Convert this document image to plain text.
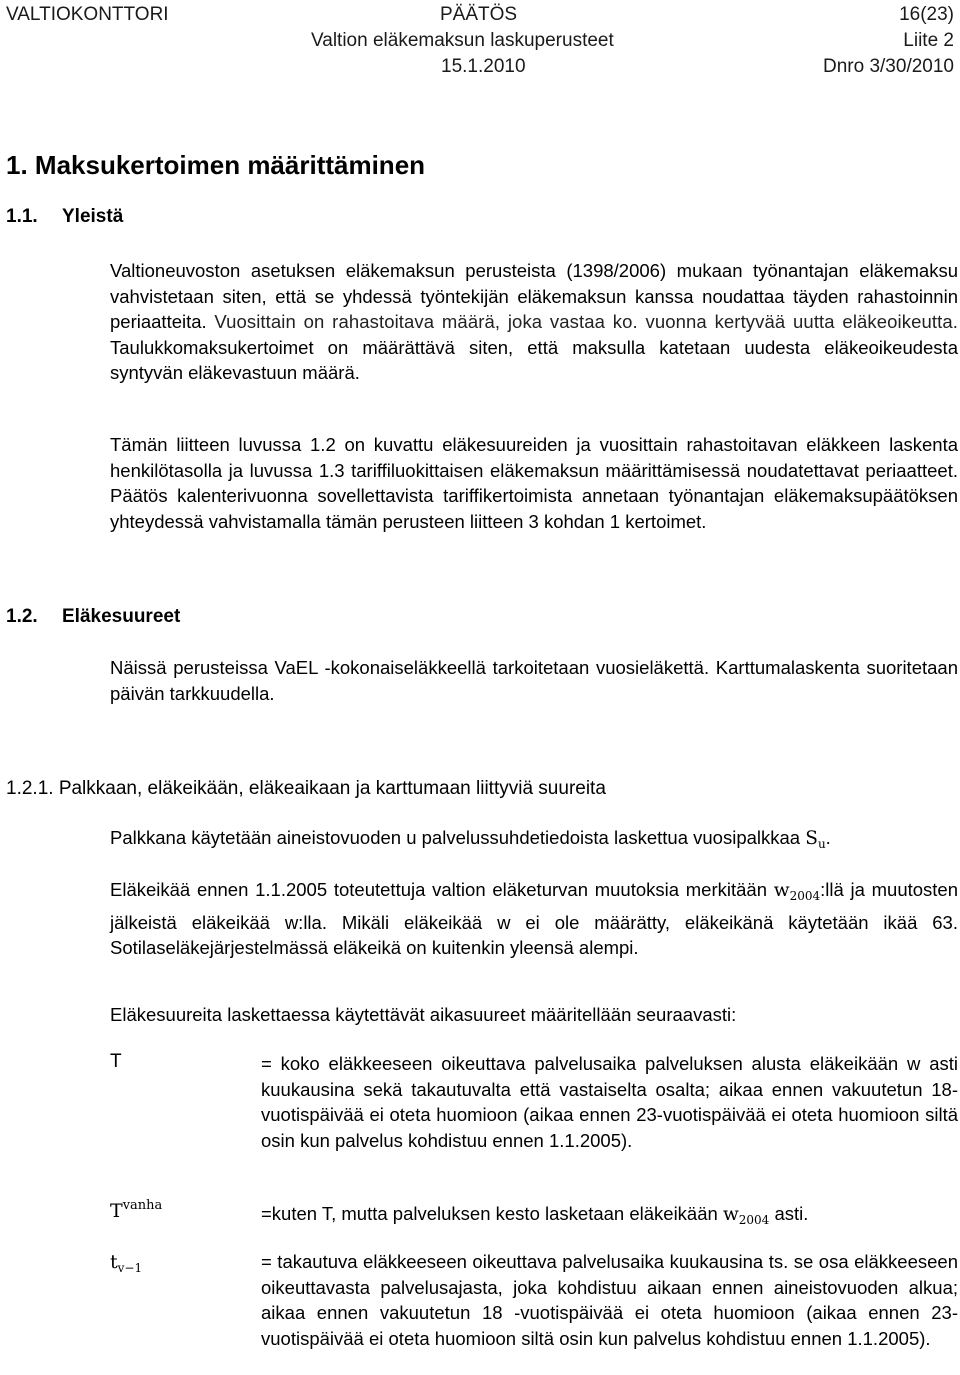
VALTIOKONTTORI	PÄÄTÖS	16(23)
Valtion eläkemaksun laskuperusteet	Liite 2
15.1.2010	Dnro 3/30/2010
1. Maksukertoimen määrittäminen
1.1. Yleistä
Valtioneuvoston asetuksen eläkemaksun perusteista (1398/2006) mukaan työnantajan eläkemaksu vahvistetaan siten, että se yhdessä työntekijän eläkemaksun kanssa noudattaa täyden rahastoinnin periaatteita. Vuosittain on rahastoitava määrä, joka vastaa ko. vuonna kertyvää uutta eläkeoikeutta. Taulukkomaksukertoimet on määrättävä siten, että maksulla katetaan uudesta eläkeoikeudesta syntyvän eläkevastuun määrä.
Tämän liitteen luvussa 1.2 on kuvattu eläkesuureiden ja vuosittain rahastoitavan eläkkeen laskenta henkilötasolla ja luvussa 1.3 tariffiluokittaisen eläkemaksun määrittämisessä noudatettavat periaatteet. Päätös kalenterivuonna sovellettavista tariffikertoimista annetaan työnantajan eläkemaksupäätöksen yhteydessä vahvistamalla tämän perusteen liitteen 3 kohdan 1 kertoimet.
1.2. Eläkesuureet
Näissä perusteissa VaEL -kokonaiseläkkeellä tarkoitetaan vuosieläkettä. Karttumalaskenta suoritetaan päivän tarkkuudella.
1.2.1. Palkkaan, eläkeikään, eläkeaikaan ja karttumaan liittyviä suureita
Palkkana käytetään aineistovuoden u palvelussuhdetiedoista laskettua vuosipalkkaa $S_u$.
Eläkeikää ennen 1.1.2005 toteutettuja valtion eläketurvan muutoksia merkitään $w_{2004}:llä$ ja muutosten jälkeistä eläkeikää w:lla. Mikäli eläkeikää w ei ole määrätty, eläkeikänä käytetään ikää 63. Sotilaseläkejärjestelmässä eläkeikä on kuitenkin yleensä alempi.
Eläkesuureita laskettaessa käytettävät aikasuureet määritellään seuraavasti:
T	= koko eläkkeeseen oikeuttava palvelusaika palveluksen alusta eläkeikään w asti kuukausina sekä takautuvalta että vastaiselta osalta; aikaa ennen vakuutetun 18-vuotispäivää ei oteta huomioon (aikaa ennen 23-vuotispäivää ei oteta huomioon siltä osin kun palvelus kohdistuu ennen 1.1.2005).
$T^{vanha}$	=kuten T, mutta palveluksen kesto lasketaan eläkeikään $w_{2004}$ asti.
$t_{v-1}$	= takautuva eläkkeeseen oikeuttava palvelusaika kuukausina ts. se osa eläkkeeseen oikeuttavasta palvelusajasta, joka kohdistuu aikaan ennen aineistovuoden alkua; aikaa ennen vakuutetun 18 -vuotispäivää ei oteta huomioon (aikaa ennen 23-vuotispäivää ei oteta huomioon siltä osin kun palvelus kohdistuu ennen 1.1.2005).
